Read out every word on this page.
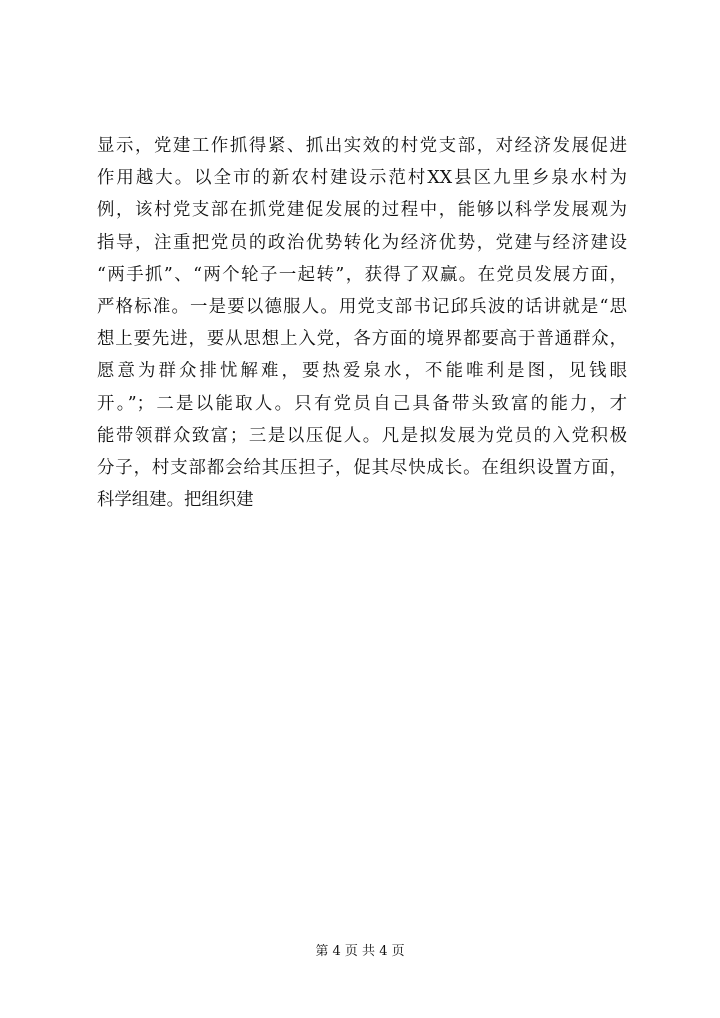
显示，党建工作抓得紧、抓出实效的村党支部，对经济发展促进
作用越大。以全市的新农村建设示范村XX县区九里乡泉水村为
例，该村党支部在抓党建促发展的过程中，能够以科学发展观为
指导，注重把党员的政治优势转化为经济优势，党建与经济建设
“两手抓”、“两个轮子一起转”，获得了双赢。在党员发展方面，
严格标准。一是要以德服人。用党支部书记邱兵波的话讲就是“思
想上要先进，要从思想上入党，各方面的境界都要高于普通群众，
愿意为群众排忧解难，要热爱泉水，不能唯利是图，见钱眼
开。”；二是以能取人。只有党员自己具备带头致富的能力，才
能带领群众致富；三是以压促人。凡是拟发展为党员的入党积极
分子，村支部都会给其压担子，促其尽快成长。在组织设置方面，
科学组建。把组织建
第 4 页 共 4 页
